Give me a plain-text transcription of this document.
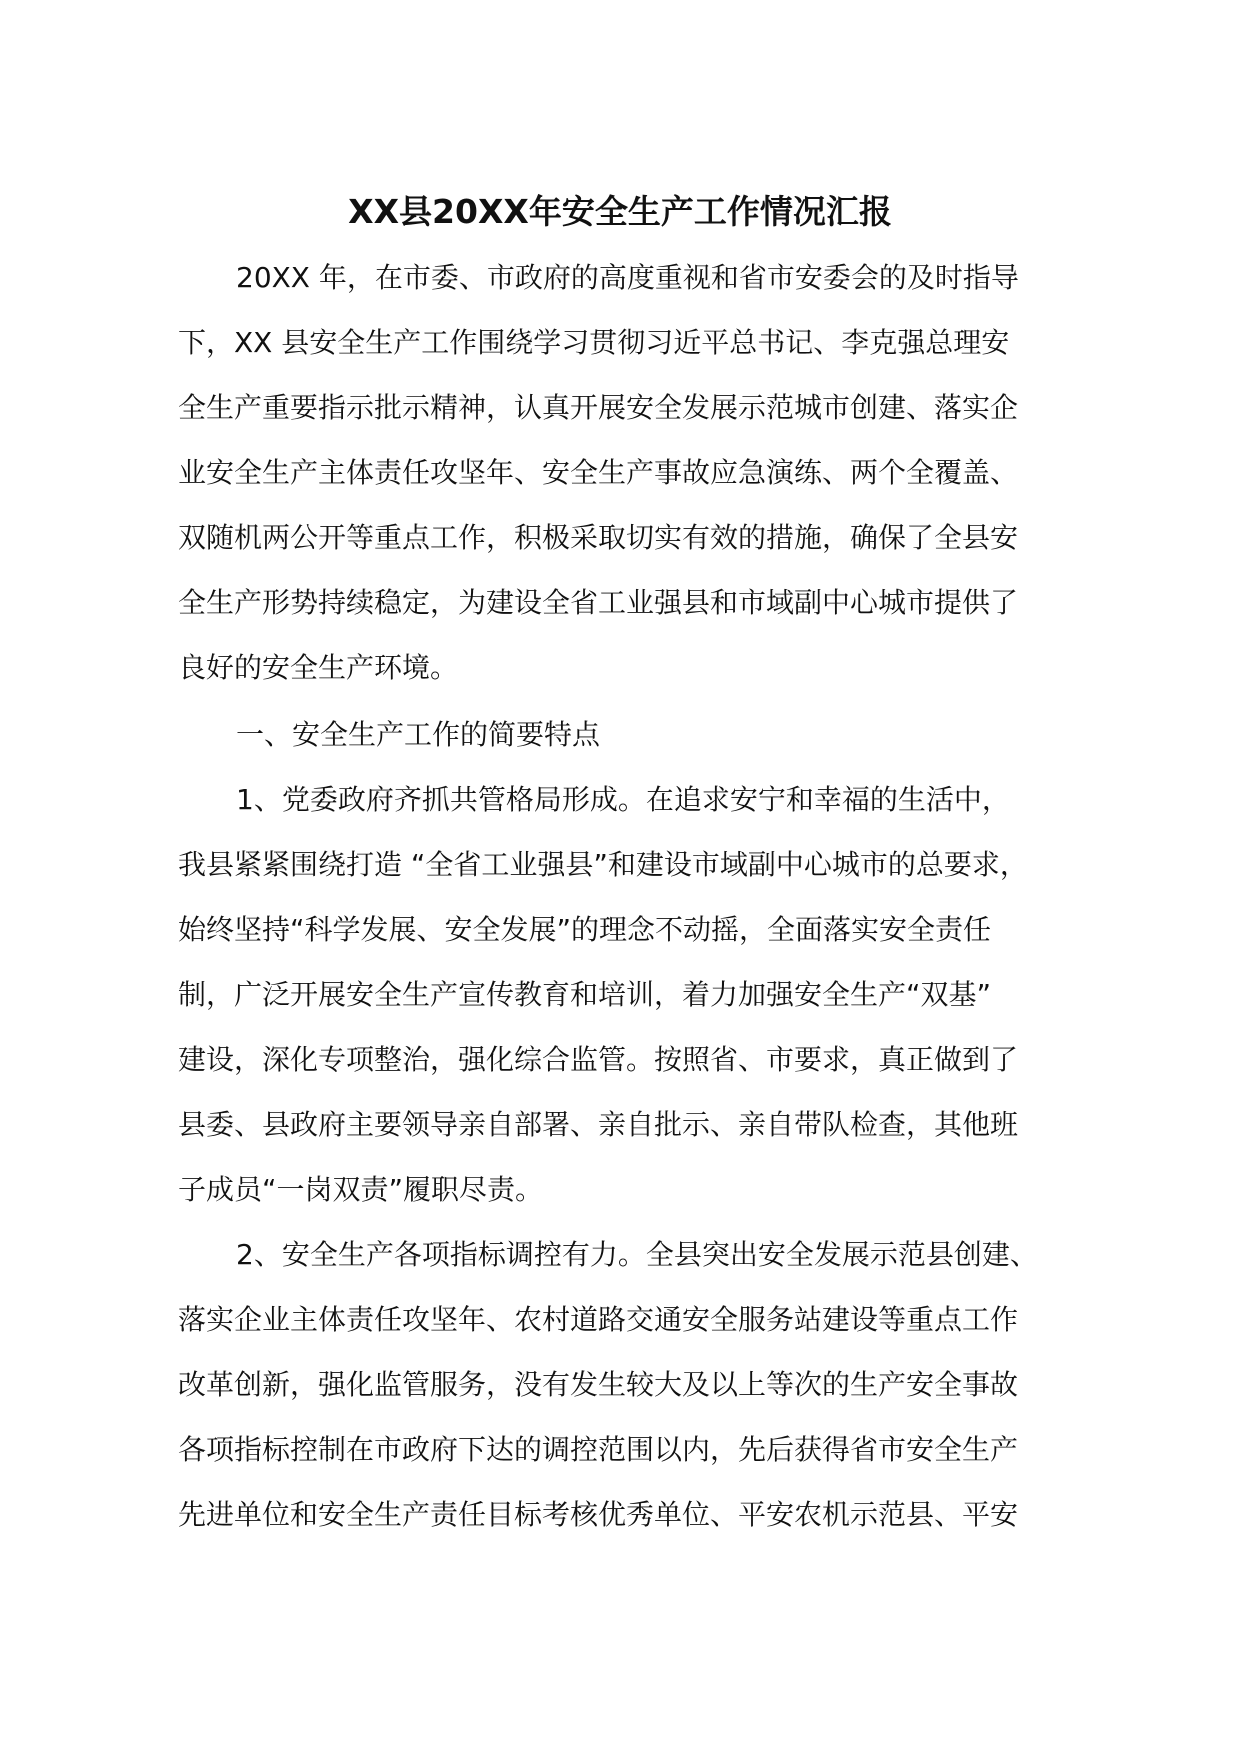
XX县20XX年安全生产工作情况汇报

20XX 年，在市委、市政府的高度重视和省市安委会的及时指导

下，XX 县安全生产工作围绕学习贯彻习近平总书记、李克强总理安

全生产重要指示批示精神，认真开展安全发展示范城市创建、落实企

业安全生产主体责任攻坚年、安全生产事故应急演练、两个全覆盖、

双随机两公开等重点工作，积极采取切实有效的措施，确保了全县安

全生产形势持续稳定，为建设全省工业强县和市域副中心城市提供了

良好的安全生产环境。

一、安全生产工作的简要特点

1、党委政府齐抓共管格局形成。在追求安宁和幸福的生活中，

我县紧紧围绕打造 “全省工业强县”和建设市域副中心城市的总要求，

始终坚持“科学发展、安全发展”的理念不动摇，全面落实安全责任

制，广泛开展安全生产宣传教育和培训，着力加强安全生产“双基”

建设，深化专项整治，强化综合监管。按照省、市要求，真正做到了

县委、县政府主要领导亲自部署、亲自批示、亲自带队检查，其他班

子成员“一岗双责”履职尽责。

2、安全生产各项指标调控有力。全县突出安全发展示范县创建、

落实企业主体责任攻坚年、农村道路交通安全服务站建设等重点工作

改革创新，强化监管服务，没有发生较大及以上等次的生产安全事故

各项指标控制在市政府下达的调控范围以内，先后获得省市安全生产

先进单位和安全生产责任目标考核优秀单位、平安农机示范县、平安
